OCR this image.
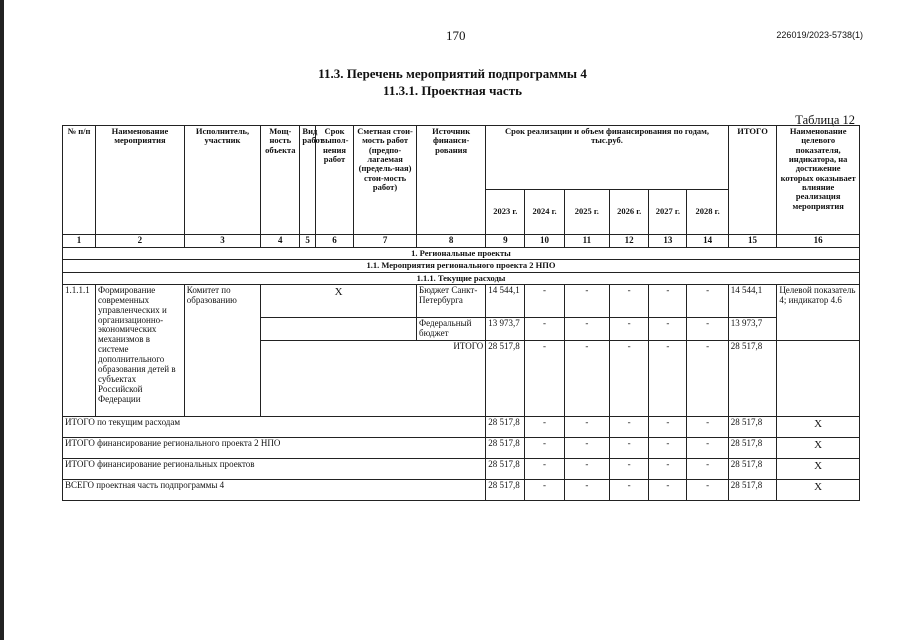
170	226019/2023-5738(1)
11.3. Перечень мероприятий подпрограммы 4
11.3.1. Проектная часть
Таблица 12
№ п/п	Наименование мероприятия	Исполнитель, участник	Мощ-ность объекта	Вид работ	Срок выпол-нения работ	Сметная стои-мость работ (предпо-лагаемая (предель-ная) стои-мость работ)	Источник финанси-рования	Срок реализации и объем финансирования по годам, тыс.руб.						ИТОГО	Наименование целевого показателя, индикатора, на достижение которых оказывает влияние реализация мероприятия
								2023 г.	2024 г.	2025 г.	2026 г.	2027 г.	2028 г.		
1	2	3	4	5	6	7	8	9	10	11	12	13	14	15	16
1. Региональные проекты															
1.1. Мероприятия регионального проекта 2 НПО															
1.1.1. Текущие расходы															
1.1.1.1	Формирование современных управленческих и организационно-экономических механизмов в системе дополнительного образования детей в субъектах Российской Федерации	Комитет по образованию	X				Бюджет Санкт-Петербурга	14 544,1	-	-	-	-	-	14 544,1	Целевой показатель 4; индикатор 4.6
							Федеральный бюджет	13 973,7	-	-	-	-	-	13 973,7	
			ИТОГО					28 517,8	-	-	-	-	-	28 517,8	
ИТОГО по текущим расходам								28 517,8	-	-	-	-	-	28 517,8	X
ИТОГО финансирование регионального проекта 2 НПО								28 517,8	-	-	-	-	-	28 517,8	X
ИТОГО финансирование региональных проектов								28 517,8	-	-	-	-	-	28 517,8	X
ВСЕГО проектная часть подпрограммы 4								28 517,8	-	-	-	-	-	28 517,8	X
